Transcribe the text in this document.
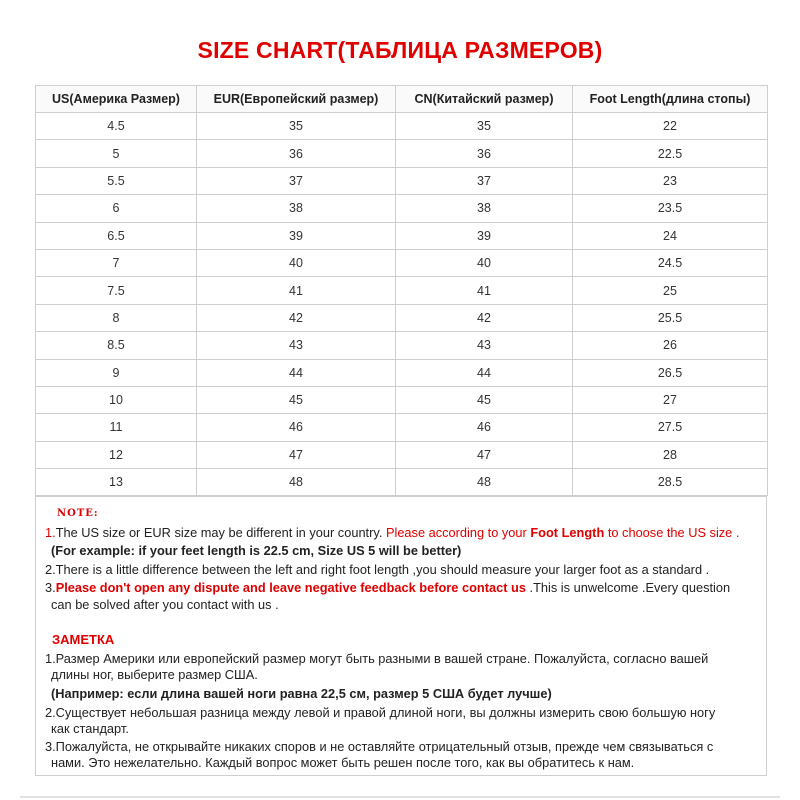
SIZE CHART(ТАБЛИЦА РАЗМЕРОВ)
US(Америка Размер)	EUR(Европейский размер)	CN(Китайский размер)	Foot Length(длина стопы)
4.5	35	35	22
5	36	36	22.5
5.5	37	37	23
6	38	38	23.5
6.5	39	39	24
7	40	40	24.5
7.5	41	41	25
8	42	42	25.5
8.5	43	43	26
9	44	44	26.5
10	45	45	27
11	46	46	27.5
12	47	47	28
13	48	48	28.5
NOTE:
1.The US size or EUR size may be different in your country. Please according to your Foot Length to choose the US size .
(For example: if your feet length is 22.5 cm, Size US 5 will be better)
2.There is a little difference between the left and right foot length ,you should measure your larger foot as a standard .
3.Please don't open any dispute and leave negative feedback before contact us .This is unwelcome .Every question
can be solved after you contact with us .
ЗАМЕТКА
1.Размер Америки или европейский размер могут быть разными в вашей стране. Пожалуйста, согласно вашей
длины ног, выберите размер США.
(Например: если длина вашей ноги равна 22,5 см, размер 5 США будет лучше)
2.Существует небольшая разница между левой и правой длиной ноги, вы должны измерить свою большую ногу
как стандарт.
3.Пожалуйста, не открывайте никаких споров и не оставляйте отрицательный отзыв, прежде чем связываться с
нами. Это нежелательно. Каждый вопрос может быть решен после того, как вы обратитесь к нам.
